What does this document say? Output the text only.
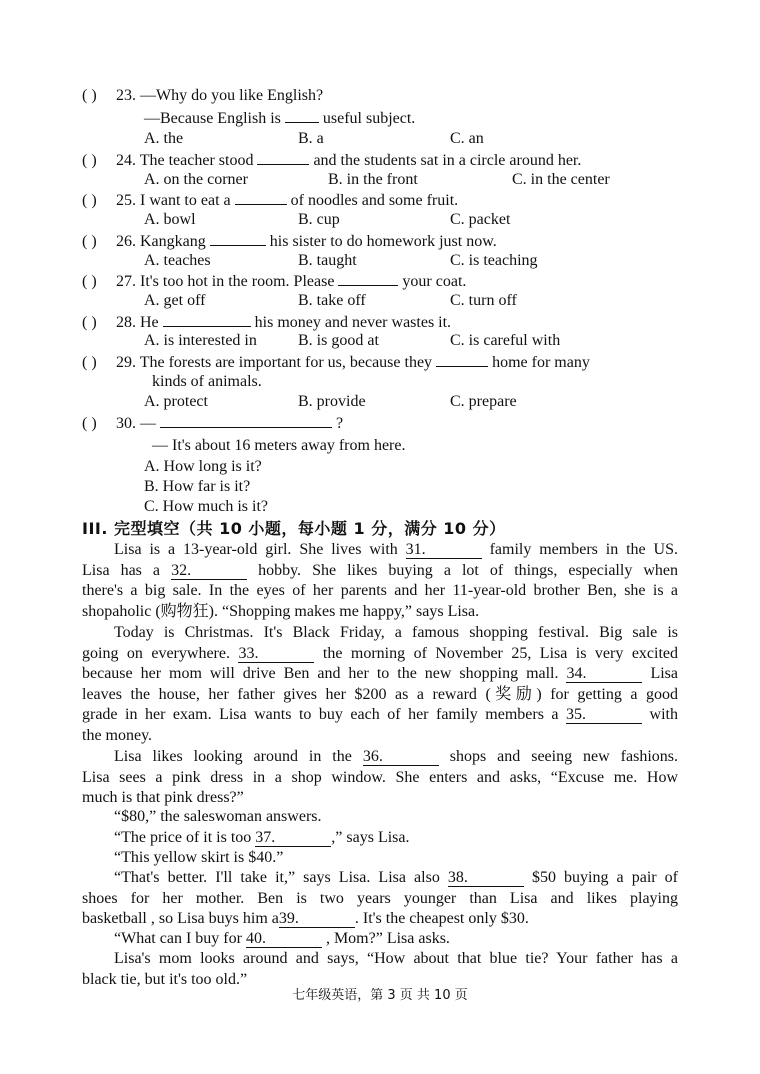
( ) 23. —Why do you like English?
—Because English is	useful subject.
A. the	B. a	C. an
( ) 24. The teacher stood	and the students sat in a circle around her.
A. on the corner	B. in the front	C. in the center
( ) 25. I want to eat a	of noodles and some fruit.
A. bowl	B. cup	C. packet
( ) 26. Kangkang	his sister to do homework just now.
A. teaches	B. taught	C. is teaching
( ) 27. It's too hot in the room. Please	your coat.
A. get off	B. take off	C. turn off
( ) 28. He	his money and never wastes it.
A. is interested in	B. is good at	C. is careful with
( ) 29. The forests are important for us, because they	home for many
kinds of animals.
A. protect	B. provide	C. prepare
( ) 30. —	?
— It's about 16 meters away from here.
A. How long is it?
B. How far is it?
C. How much is it?
III. 完型填空（共 10 小题，每小题 1 分，满分 10 分）
Lisa is a 13-year-old girl. She lives with 31.	family members in the US.
Lisa has a 32.	hobby. She likes buying a lot of things, especially when
there's a big sale. In the eyes of her parents and her 11-year-old brother Ben, she is a
shopaholic (购物狂). “Shopping makes me happy,” says Lisa.
Today is Christmas. It's Black Friday, a famous shopping festival. Big sale is
going on everywhere. 33.	the morning of November 25, Lisa is very excited
because her mom will drive Ben and her to the new shopping mall. 34.	Lisa
leaves the house, her father gives her $200 as a reward (奖励) for getting a good
grade in her exam. Lisa wants to buy each of her family members a 35.	with
the money.
Lisa likes looking around in the 36.	shops and seeing new fashions.
Lisa sees a pink dress in a shop window. She enters and asks, “Excuse me. How
much is that pink dress?”
“$80,” the saleswoman answers.
“The price of it is too 37.	,” says Lisa.
“This yellow skirt is $40.”
“That's better. I'll take it,” says Lisa. Lisa also 38.	$50 buying a pair of
shoes for her mother. Ben is two years younger than Lisa and likes playing
basketball , so Lisa buys him a39.	. It's the cheapest only $30.
“What can I buy for 40.	, Mom?” Lisa asks.
Lisa's mom looks around and says, “How about that blue tie? Your father has a
black tie, but it's too old.”
七年级英语，第 3 页 共 10 页
